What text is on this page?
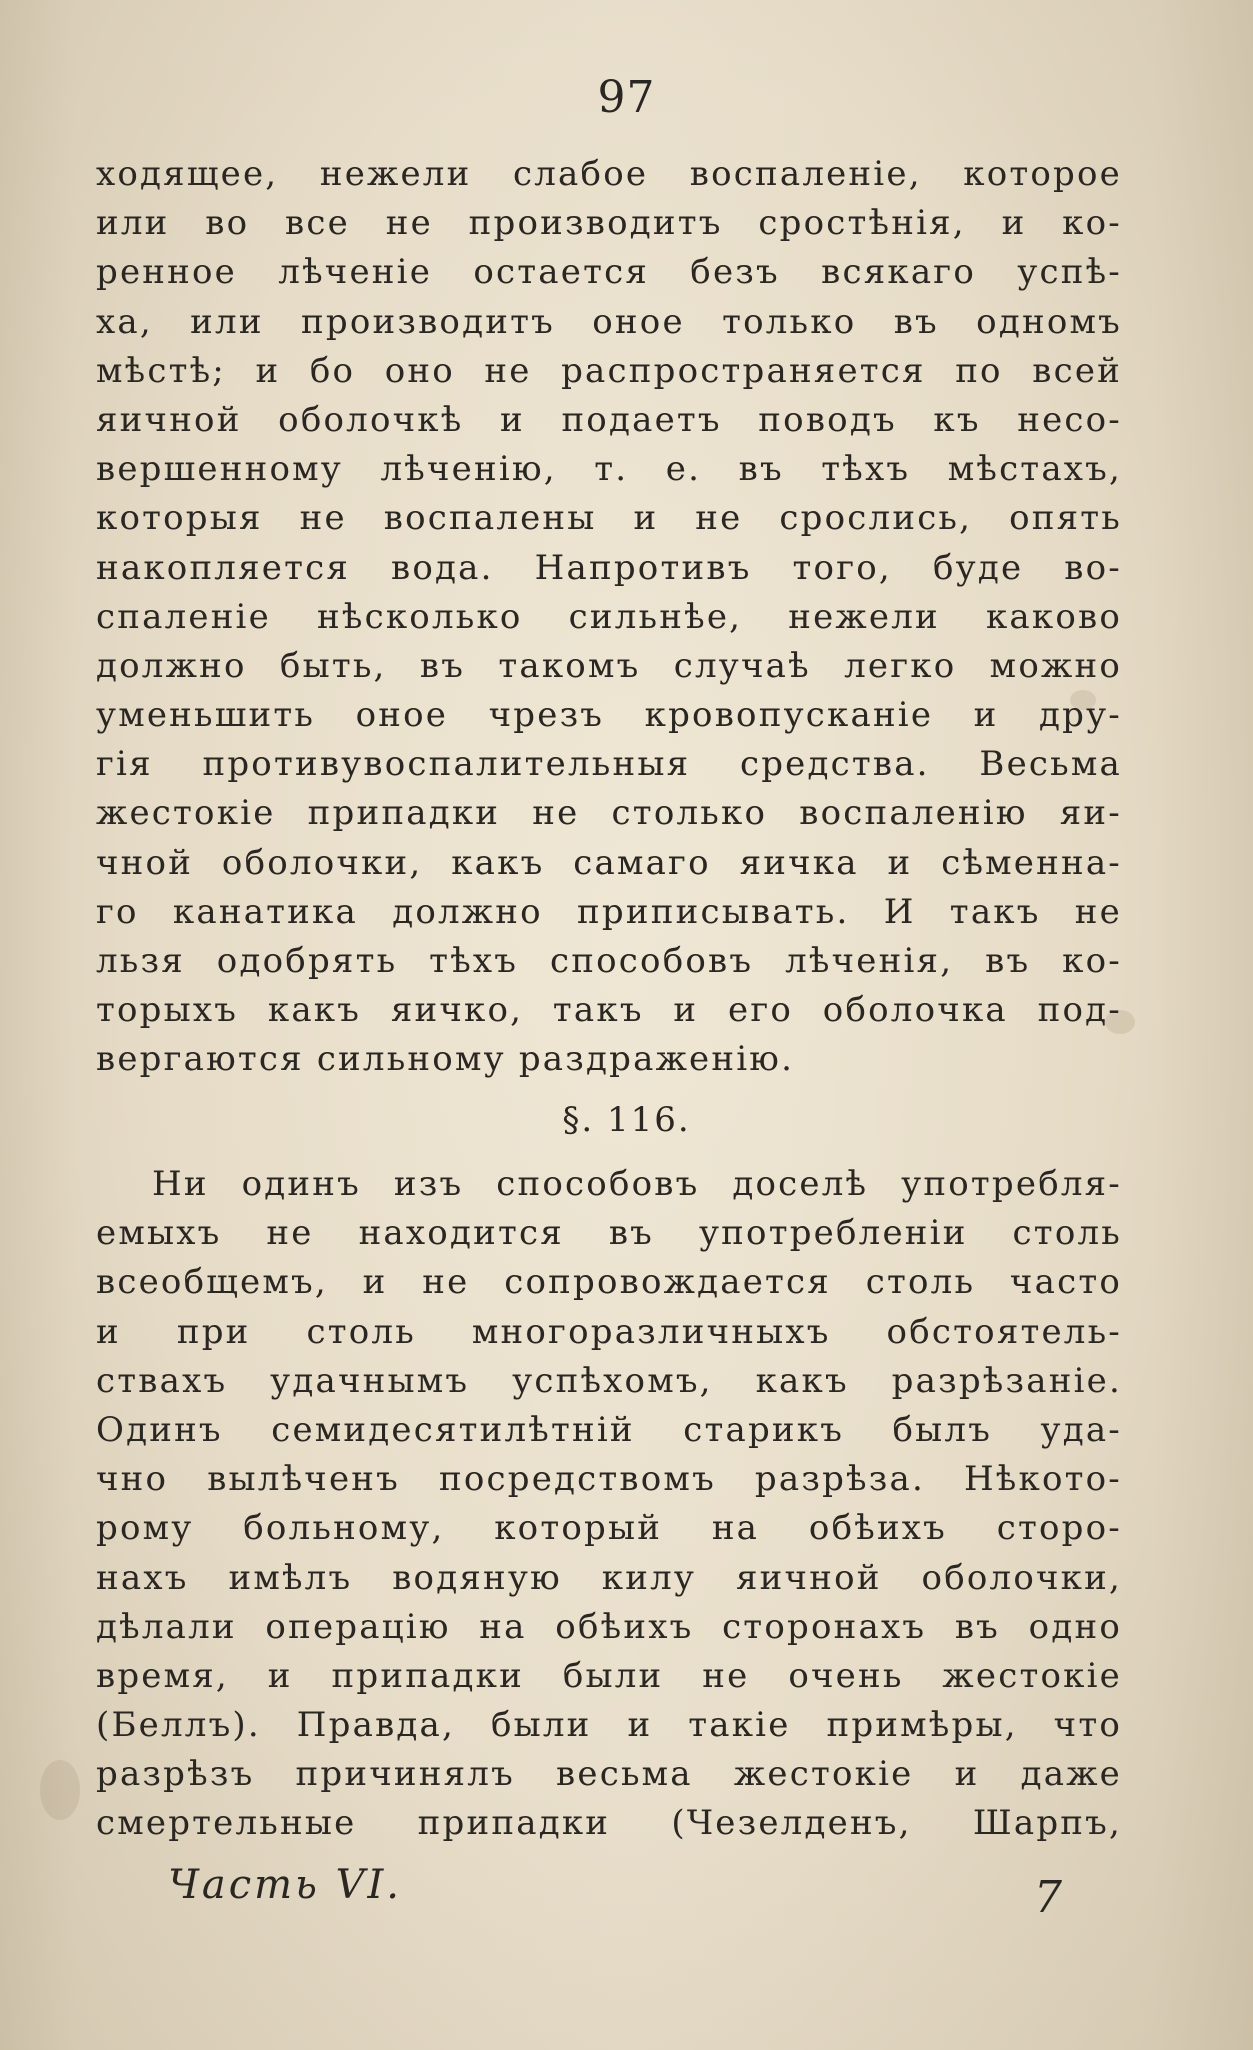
97
ходящее, нежели слабое воспаленіе, которое
или во все не производитъ сростѣнія, и ко-
ренное лѣченіе остается безъ всякаго успѣ-
ха, или производитъ оное только въ одномъ
мѣстѣ; и бо оно не распространяется по всей
яичной оболочкѣ и подаетъ поводъ къ несо-
вершенному лѣченію, т. е. въ тѣхъ мѣстахъ,
которыя не воспалены и не срослись, опять
накопляется вода. Напротивъ того, буде во-
спаленіе нѣсколько сильнѣе, нежели каково
должно быть, въ такомъ случаѣ легко можно
уменьшить оное чрезъ кровопусканіе и дру-
гія противувоспалительныя средства. Весьма
жестокіе припадки не столько воспаленію яи-
чной оболочки, какъ самаго яичка и сѣменна-
го канатика должно приписывать. И такъ не
льзя одобрять тѣхъ способовъ лѣченія, въ ко-
торыхъ какъ яичко, такъ и его оболочка под-
вергаются сильному раздраженію.
§. 116.
Ни одинъ изъ способовъ доселѣ употребля-
емыхъ не находится въ употребленіи столь
всеобщемъ, и не сопровождается столь часто
и при столь многоразличныхъ обстоятель-
ствахъ удачнымъ успѣхомъ, какъ разрѣзаніе.
Одинъ семидесятилѣтній старикъ былъ уда-
чно вылѣченъ посредствомъ разрѣза. Нѣкото-
рому больному, который на обѣихъ сторо-
нахъ имѣлъ водяную килу яичной оболочки,
дѣлали операцію на обѣихъ сторонахъ въ одно
время, и припадки были не очень жестокіе
(Беллъ). Правда, были и такіе примѣры, что
разрѣзъ причинялъ весьма жестокіе и даже
смертельные припадки (Чезелденъ, Шарпъ,
Часть VI.	7
